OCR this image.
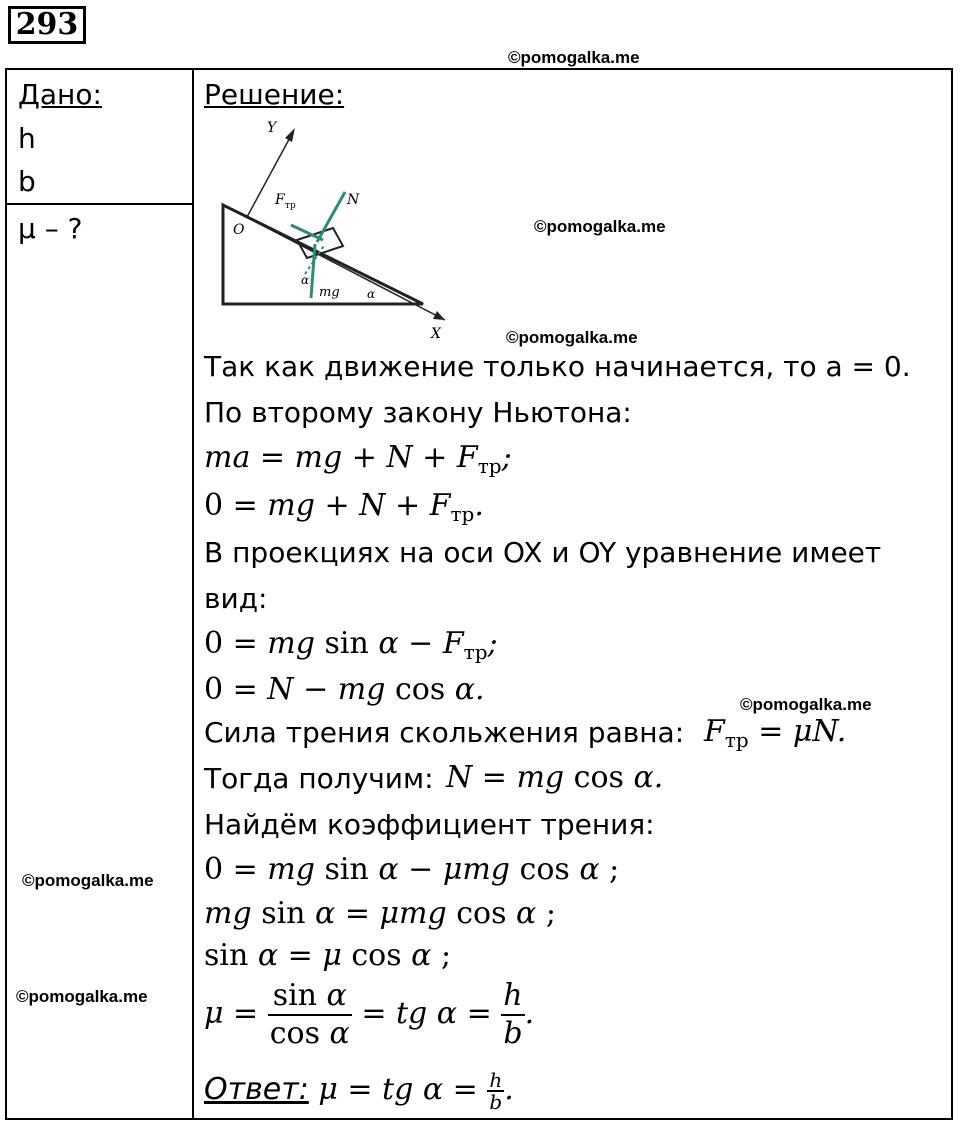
293
©pomogalka.me
©pomogalka.me
©pomogalka.me
©pomogalka.me
©pomogalka.me
©pomogalka.me
Дано:
h
b
μ – ?
Решение:
Y
X
O
F тр	N
mg
α
α
Так как движение только начинается, то a = 0.
По второму закону Ньютона:
ma = mg + $N + F_{тр}$;
0 = mg + $N + F_{тр}$.
В проекциях на оси OX и OY уравнение имеет
вид:
0 = mg $\sin \alpha - F_{тр}$;
0 = N − mg cos α.
Сила трения скольжения равна: $F_{тр} = \mu N$.
Тогда получим: N = mg cos α.
Найдём коэффициент трения:
0 = mg sin α − μmg cos α ;
mg sin α = μmg cos α ;
sin α = μ cos α ;
$\mu = \frac{\text{sin α}}{\text{cos α}}$ = tg $\alpha = \frac{h}{b}$ .
Ответ: μ = tg $\alpha = \frac{h}{b}$ .
